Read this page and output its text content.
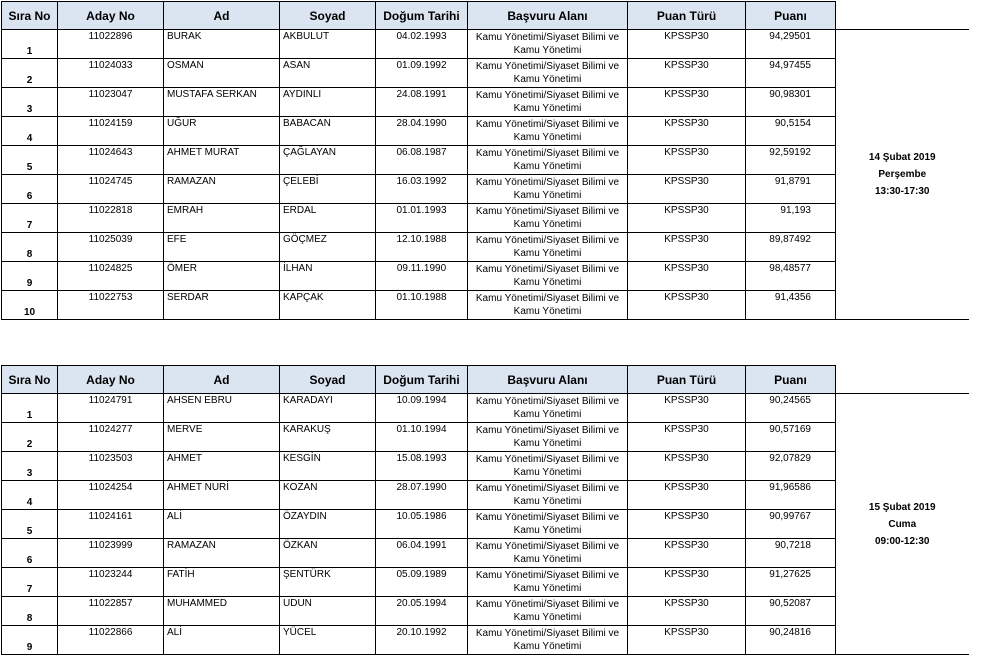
Sıra No	Aday No	Ad	Soyad	Doğum Tarihi	Başvuru Alanı	Puan Türü	Puanı	
1	11022896	BURAK	AKBULUT	04.02.1993	Kamu Yönetimi/Siyaset Bilimi ve Kamu Yönetimi	KPSSP30	94,29501	14 Şubat 2019
Perşembe
13:30-17:30

2	11024033	OSMAN	ASAN	01.09.1992	Kamu Yönetimi/Siyaset Bilimi ve Kamu Yönetimi	KPSSP30	94,97455	
3	11023047	MUSTAFA SERKAN	AYDINLI	24.08.1991	Kamu Yönetimi/Siyaset Bilimi ve Kamu Yönetimi	KPSSP30	90,98301	
4	11024159	UĞUR	BABACAN	28.04.1990	Kamu Yönetimi/Siyaset Bilimi ve Kamu Yönetimi	KPSSP30	90,5154	
5	11024643	AHMET MURAT	ÇAĞLAYAN	06.08.1987	Kamu Yönetimi/Siyaset Bilimi ve Kamu Yönetimi	KPSSP30	92,59192	
6	11024745	RAMAZAN	ÇELEBİ	16.03.1992	Kamu Yönetimi/Siyaset Bilimi ve Kamu Yönetimi	KPSSP30	91,8791	
7	11022818	EMRAH	ERDAL	01.01.1993	Kamu Yönetimi/Siyaset Bilimi ve Kamu Yönetimi	KPSSP30	91,193	
8	11025039	EFE	GÖÇMEZ	12.10.1988	Kamu Yönetimi/Siyaset Bilimi ve Kamu Yönetimi	KPSSP30	89,87492	
9	11024825	ÖMER	İLHAN	09.11.1990	Kamu Yönetimi/Siyaset Bilimi ve Kamu Yönetimi	KPSSP30	98,48577	
10	11022753	SERDAR	KAPÇAK	01.10.1988	Kamu Yönetimi/Siyaset Bilimi ve Kamu Yönetimi	KPSSP30	91,4356	
Sıra No	Aday No	Ad	Soyad	Doğum Tarihi	Başvuru Alanı	Puan Türü	Puanı	
1	11024791	AHSEN EBRU	KARADAYI	10.09.1994	Kamu Yönetimi/Siyaset Bilimi ve Kamu Yönetimi	KPSSP30	90,24565	15 Şubat 2019
Cuma
09:00-12:30

2	11024277	MERVE	KARAKUŞ	01.10.1994	Kamu Yönetimi/Siyaset Bilimi ve Kamu Yönetimi	KPSSP30	90,57169	
3	11023503	AHMET	KESGİN	15.08.1993	Kamu Yönetimi/Siyaset Bilimi ve Kamu Yönetimi	KPSSP30	92,07829	
4	11024254	AHMET NURİ	KOZAN	28.07.1990	Kamu Yönetimi/Siyaset Bilimi ve Kamu Yönetimi	KPSSP30	91,96586	
5	11024161	ALİ	ÖZAYDIN	10.05.1986	Kamu Yönetimi/Siyaset Bilimi ve Kamu Yönetimi	KPSSP30	90,99767	
6	11023999	RAMAZAN	ÖZKAN	06.04.1991	Kamu Yönetimi/Siyaset Bilimi ve Kamu Yönetimi	KPSSP30	90,7218	
7	11023244	FATİH	ŞENTÜRK	05.09.1989	Kamu Yönetimi/Siyaset Bilimi ve Kamu Yönetimi	KPSSP30	91,27625	
8	11022857	MUHAMMED	UDUN	20.05.1994	Kamu Yönetimi/Siyaset Bilimi ve Kamu Yönetimi	KPSSP30	90,52087	
9	11022866	ALİ	YÜCEL	20.10.1992	Kamu Yönetimi/Siyaset Bilimi ve Kamu Yönetimi	KPSSP30	90,24816	
